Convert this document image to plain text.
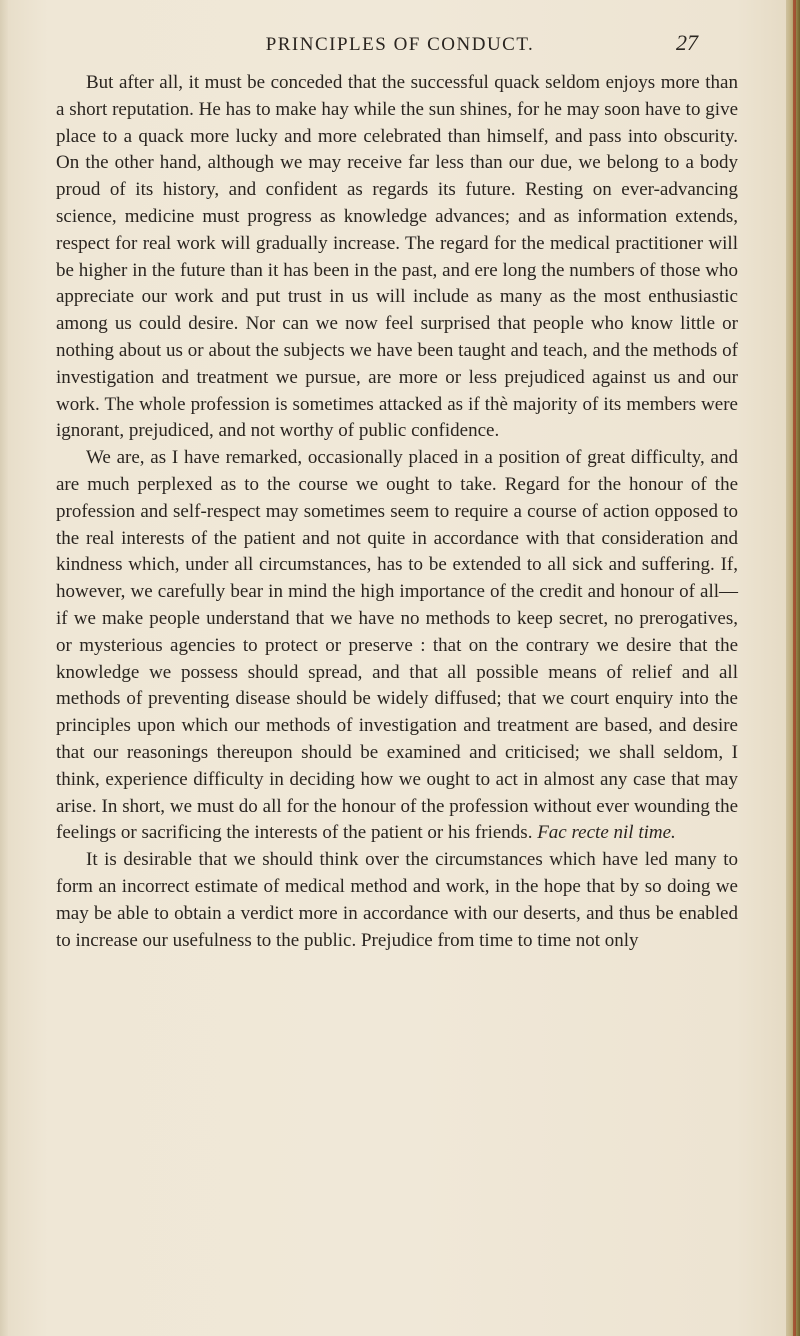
PRINCIPLES OF CONDUCT.	27

But after all, it must be conceded that the successful quack seldom enjoys more than a short reputation. He has to make hay while the sun shines, for he may soon have to give place to a quack more lucky and more celebrated than himself, and pass into obscurity. On the other hand, although we may receive far less than our due, we belong to a body proud of its history, and confident as regards its future. Resting on ever-advancing science, medicine must progress as knowledge advances; and as information extends, respect for real work will gradually increase. The regard for the medical practitioner will be higher in the future than it has been in the past, and ere long the numbers of those who appreciate our work and put trust in us will include as many as the most enthusiastic among us could desire. Nor can we now feel surprised that people who know little or nothing about us or about the subjects we have been taught and teach, and the methods of investigation and treatment we pursue, are more or less prejudiced against us and our work. The whole profession is sometimes attacked as if thè majority of its members were ignorant, prejudiced, and not worthy of public confidence.

We are, as I have remarked, occasionally placed in a position of great difficulty, and are much perplexed as to the course we ought to take. Regard for the honour of the profession and self-respect may sometimes seem to require a course of action opposed to the real interests of the patient and not quite in accordance with that consideration and kindness which, under all circumstances, has to be extended to all sick and suffering. If, however, we carefully bear in mind the high importance of the credit and honour of all—if we make people understand that we have no methods to keep secret, no prerogatives, or mysterious agencies to protect or preserve : that on the contrary we desire that the knowledge we possess should spread, and that all possible means of relief and all methods of preventing disease should be widely diffused; that we court enquiry into the principles upon which our methods of investigation and treatment are based, and desire that our reasonings thereupon should be examined and criticised; we shall seldom, I think, experience difficulty in deciding how we ought to act in almost any case that may arise. In short, we must do all for the honour of the profession without ever wounding the feelings or sacrificing the interests of the patient or his friends. Fac recte nil time.

It is desirable that we should think over the circumstances which have led many to form an incorrect estimate of medical method and work, in the hope that by so doing we may be able to obtain a verdict more in accordance with our deserts, and thus be enabled to increase our usefulness to the public. Prejudice from time to time not only
